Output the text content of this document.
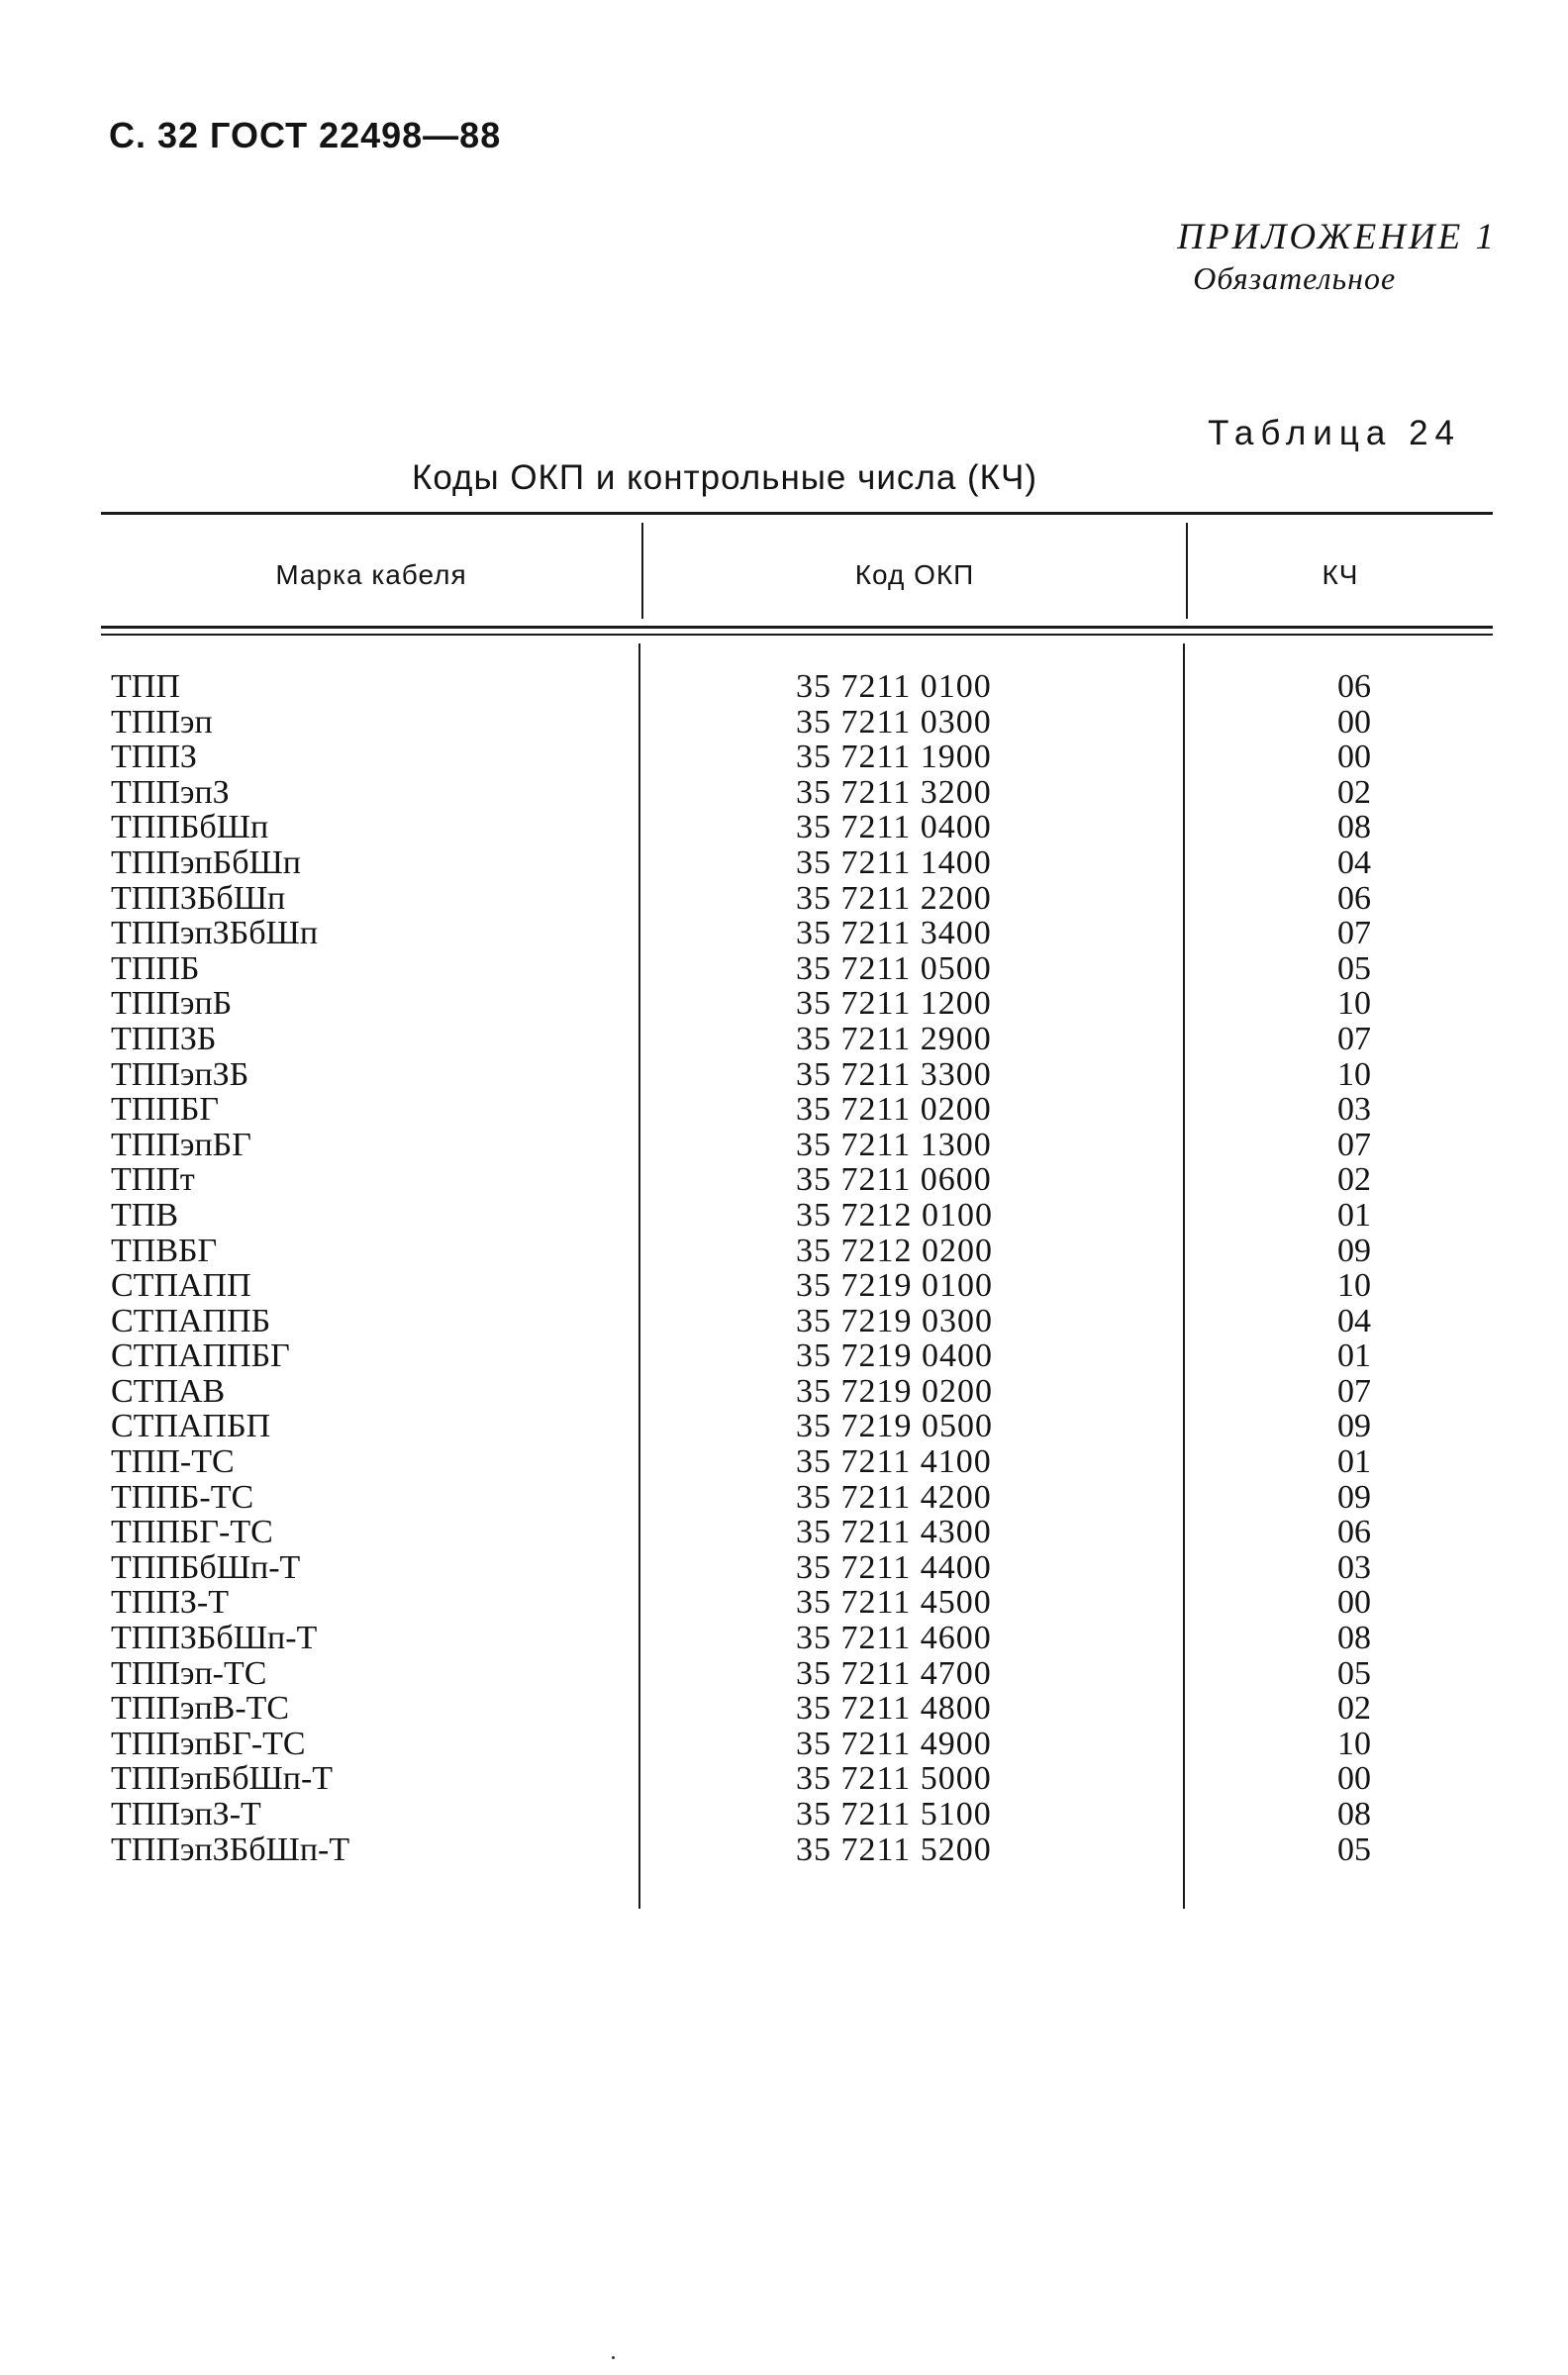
С. 32 ГОСТ 22498—88
ПРИЛОЖЕНИЕ 1
Обязательное
Таблица 24
Коды ОКП и контрольные числа (КЧ)
Марка кабеля	Код ОКП	КЧ
ТПП	35 7211 0100	06
ТППэп	35 7211 0300	00
ТППЗ	35 7211 1900	00
ТППэпЗ	35 7211 3200	02
ТППБбШп	35 7211 0400	08
ТППэпБбШп	35 7211 1400	04
ТППЗБбШп	35 7211 2200	06
ТППэпЗБбШп	35 7211 3400	07
ТППБ	35 7211 0500	05
ТППэпБ	35 7211 1200	10
ТППЗБ	35 7211 2900	07
ТППэпЗБ	35 7211 3300	10
ТППБГ	35 7211 0200	03
ТППэпБГ	35 7211 1300	07
ТППт	35 7211 0600	02
ТПВ	35 7212 0100	01
ТПВБГ	35 7212 0200	09
СТПАПП	35 7219 0100	10
СТПАППБ	35 7219 0300	04
СТПАППБГ	35 7219 0400	01
СТПАВ	35 7219 0200	07
СТПАПБП	35 7219 0500	09
ТПП-ТС	35 7211 4100	01
ТППБ-ТС	35 7211 4200	09
ТППБГ-ТС	35 7211 4300	06
ТППБбШп-Т	35 7211 4400	03
ТППЗ-Т	35 7211 4500	00
ТППЗБбШп-Т	35 7211 4600	08
ТППэп-ТС	35 7211 4700	05
ТППэпВ-ТС	35 7211 4800	02
ТППэпБГ-ТС	35 7211 4900	10
ТППэпБбШп-Т	35 7211 5000	00
ТППэпЗ-Т	35 7211 5100	08
ТППэпЗБбШп-Т	35 7211 5200	05
